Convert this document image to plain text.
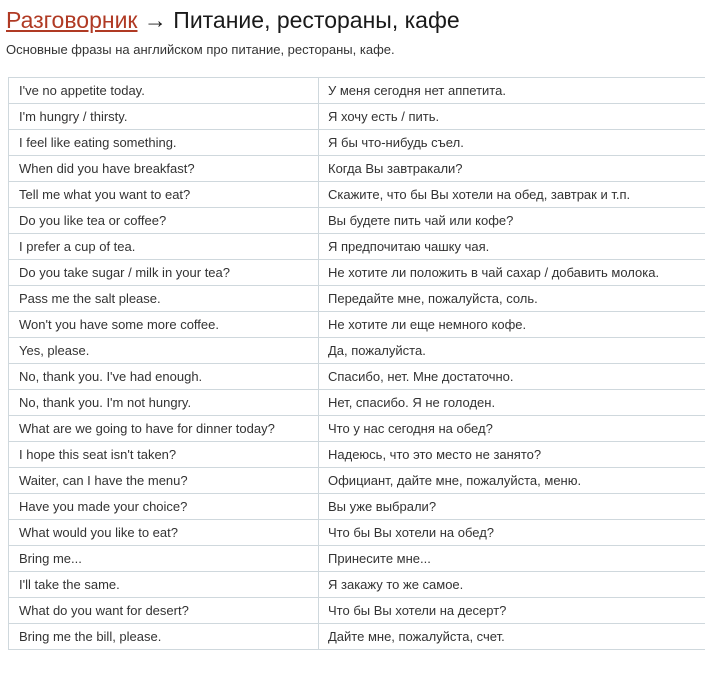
Разговорник → Питание, рестораны, кафе

Основные фразы на английском про питание, рестораны, кафе.

I've no appetite today.	У меня сегодня нет аппетита.
I'm hungry / thirsty.	Я хочу есть / пить.
I feel like eating something.	Я бы что-нибудь съел.
When did you have breakfast?	Когда Вы завтракали?
Tell me what you want to eat?	Скажите, что бы Вы хотели на обед, завтрак и т.п.
Do you like tea or coffee?	Вы будете пить чай или кофе?
I prefer a cup of tea.	Я предпочитаю чашку чая.
Do you take sugar / milk in your tea?	Не хотите ли положить в чай сахар / добавить молока.
Pass me the salt please.	Передайте мне, пожалуйста, соль.
Won't you have some more coffee.	Не хотите ли еще немного кофе.
Yes, please.	Да, пожалуйста.
No, thank you. I've had enough.	Спасибо, нет. Мне достаточно.
No, thank you. I'm not hungry.	Нет, спасибо. Я не голоден.
What are we going to have for dinner today?	Что у нас сегодня на обед?
I hope this seat isn't taken?	Надеюсь, что это место не занято?
Waiter, can I have the menu?	Официант, дайте мне, пожалуйста, меню.
Have you made your choice?	Вы уже выбрали?
What would you like to eat?	Что бы Вы хотели на обед?
Bring me...	Принесите мне...
I'll take the same.	Я закажу то же самое.
What do you want for desert?	Что бы Вы хотели на десерт?
Bring me the bill, please.	Дайте мне, пожалуйста, счет.
